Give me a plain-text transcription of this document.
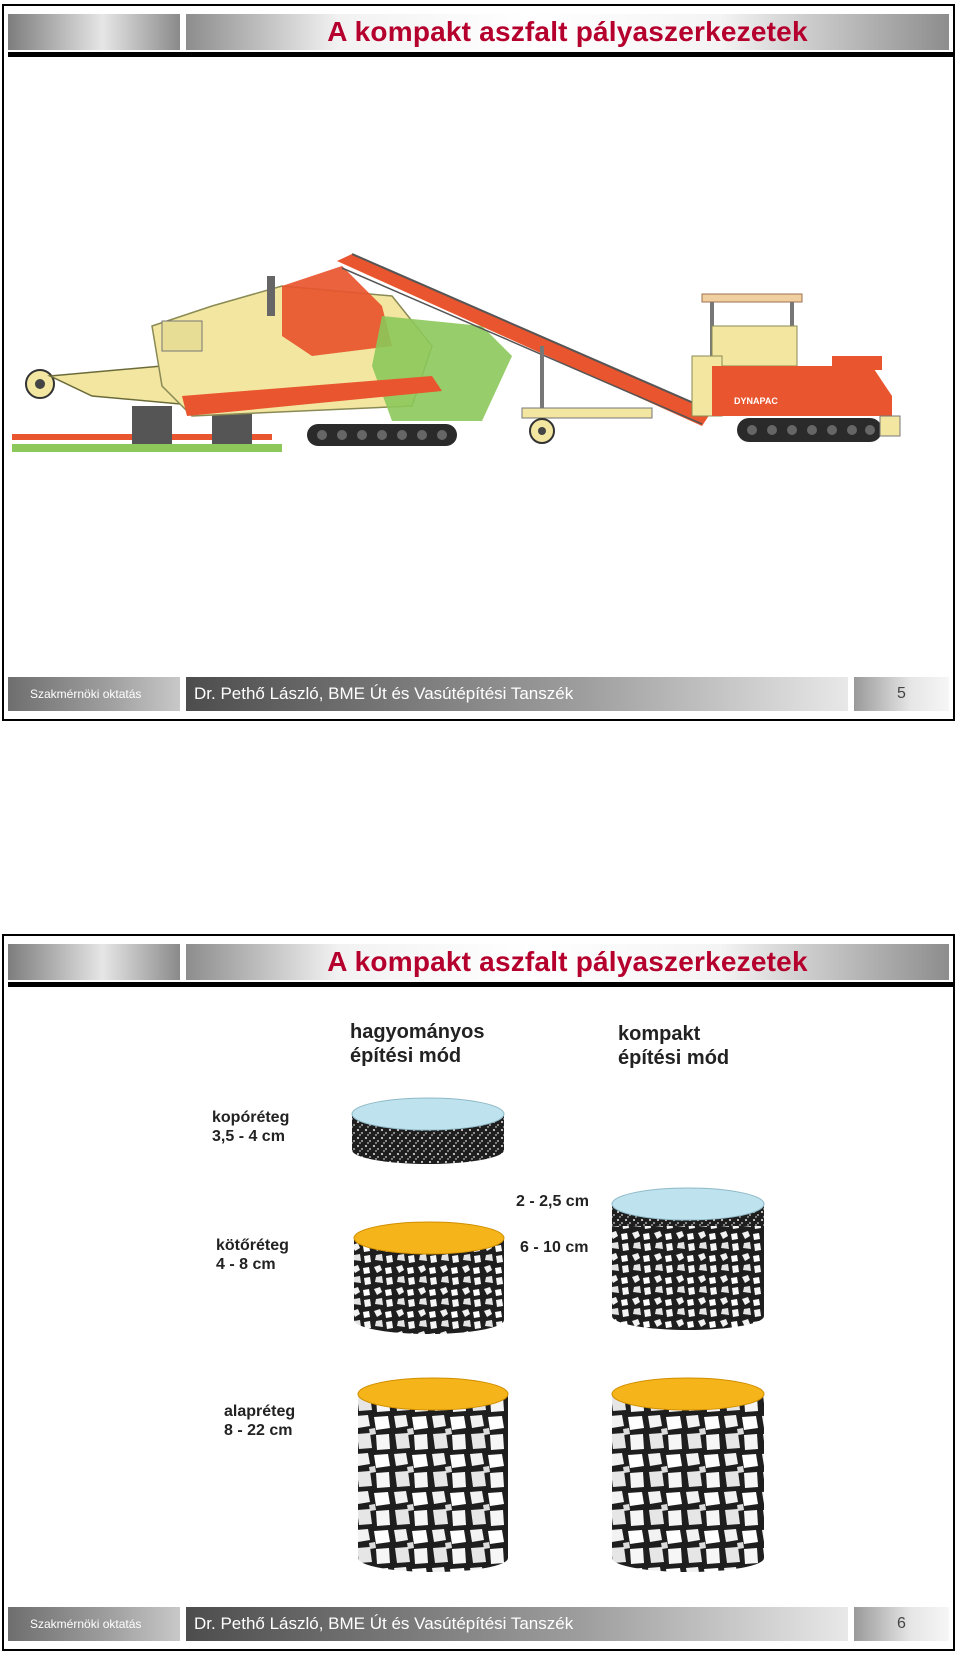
A kompakt aszfalt pályaszerkezetek
DYNAPAC
Szakmérnöki oktatás	Dr. Pethő László, BME Út és Vasútépítési Tanszék	5
A kompakt aszfalt pályaszerkezetek
hagyományos
építési mód
kompakt
építési mód
kopóréteg
3,5 - 4 cm
kötőréteg
4 - 8 cm
alapréteg
8 - 22 cm
2 - 2,5 cm
6 - 10 cm
Szakmérnöki oktatás	Dr. Pethő László, BME Út és Vasútépítési Tanszék	6
